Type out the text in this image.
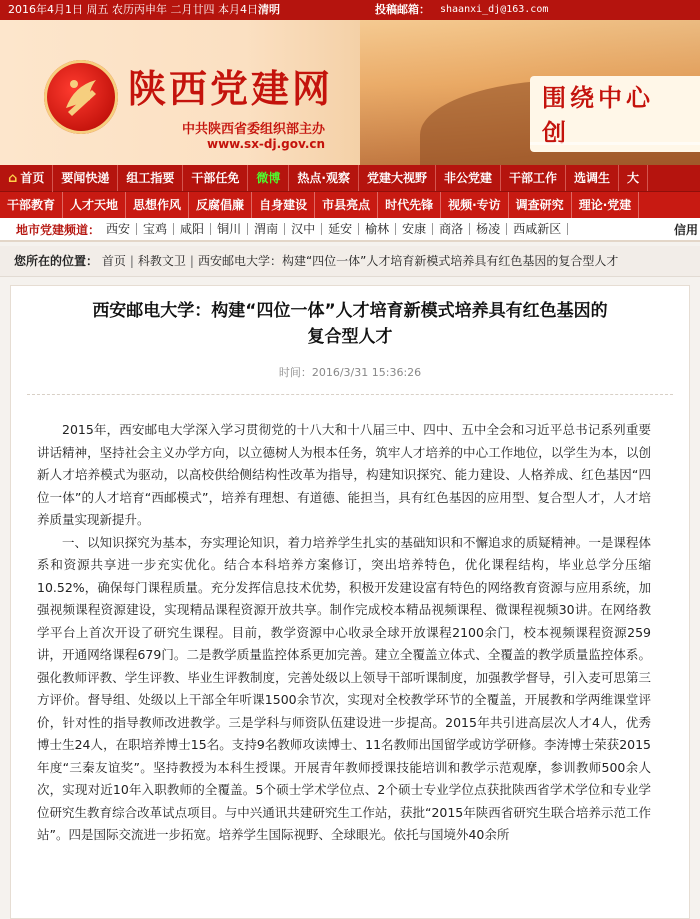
2016年4月1日 周五 农历丙申年 二月廿四 本月4日清明	投稿邮箱： shaanxi_dj@163.com
陕西党建网
中共陕西省委组织部主办
www.sx-dj.gov.cn
围绕中心 创
⌂ 首页	要闻快递	组工指要	干部任免	微博	热点·观察	党建大视野	非公党建	干部工作	选调生	大
干部教育	人才天地	思想作风	反腐倡廉	自身建设	市县亮点	时代先锋	视频·专访	调查研究	理论·党建
地市党建频道： 西安	宝鸡	咸阳	铜川	渭南	汉中	延安	榆林	安康	商洛	杨凌	西咸新区	信用
您所在的位置： 首页 | 科教文卫 | 西安邮电大学：构建“四位一体”人才培育新模式培养具有红色基因的复合型人才
西安邮电大学：构建“四位一体”人才培育新模式培养具有红色基因的
复合型人才
时间：2016/3/31 15:36:26

2015年，西安邮电大学深入学习贯彻党的十八大和十八届三中、四中、五中全会和习近平总书记系列重要讲话精神，坚持社会主义办学方向，以立德树人为根本任务，筑牢人才培养的中心工作地位，以学生为本，以创新人才培养模式为驱动，以高校供给侧结构性改革为指导，构建知识探究、能力建设、人格养成、红色基因“四位一体”的人才培育“西邮模式”，培养有理想、有道德、能担当，具有红色基因的应用型、复合型人才，人才培养质量实现新提升。

一、以知识探究为基本，夯实理论知识，着力培养学生扎实的基础知识和不懈追求的质疑精神。一是课程体系和资源共享进一步充实优化。结合本科培养方案修订，突出培养特色，优化课程结构，毕业总学分压缩10.52%，确保每门课程质量。充分发挥信息技术优势，积极开发建设富有特色的网络教育资源与应用系统，加强视频课程资源建设，实现精品课程资源开放共享。制作完成校本精品视频课程、微课程视频30讲。在网络教学平台上首次开设了研究生课程。目前，教学资源中心收录全球开放课程2100余门，校本视频课程资源259讲，开通网络课程679门。二是教学质量监控体系更加完善。建立全覆盖立体式、全覆盖的教学质量监控体系。强化教师评教、学生评教、毕业生评教制度，完善处级以上领导干部听课制度，加强教学督导，引入麦可思第三方评价。督导组、处级以上干部全年听课1500余节次，实现对全校教学环节的全覆盖，开展教和学两维课堂评价，针对性的指导教师改进教学。三是学科与师资队伍建设进一步提高。2015年共引进高层次人才4人，优秀博士生24人，在职培养博士15名。支持9名教师攻读博士、11名教师出国留学或访学研修。李涛博士荣获2015年度“三秦友谊奖”。坚持教授为本科生授课。开展青年教师授课技能培训和教学示范观摩，参训教师500余人次，实现对近10年入职教师的全覆盖。5个硕士学术学位点、2个硕士专业学位点获批陕西省学术学位和专业学位研究生教育综合改革试点项目。与中兴通讯共建研究生工作站，获批“2015年陕西省研究生联合培养示范工作站”。四是国际交流进一步拓宽。培养学生国际视野、全球眼光。依托与国境外40余所
